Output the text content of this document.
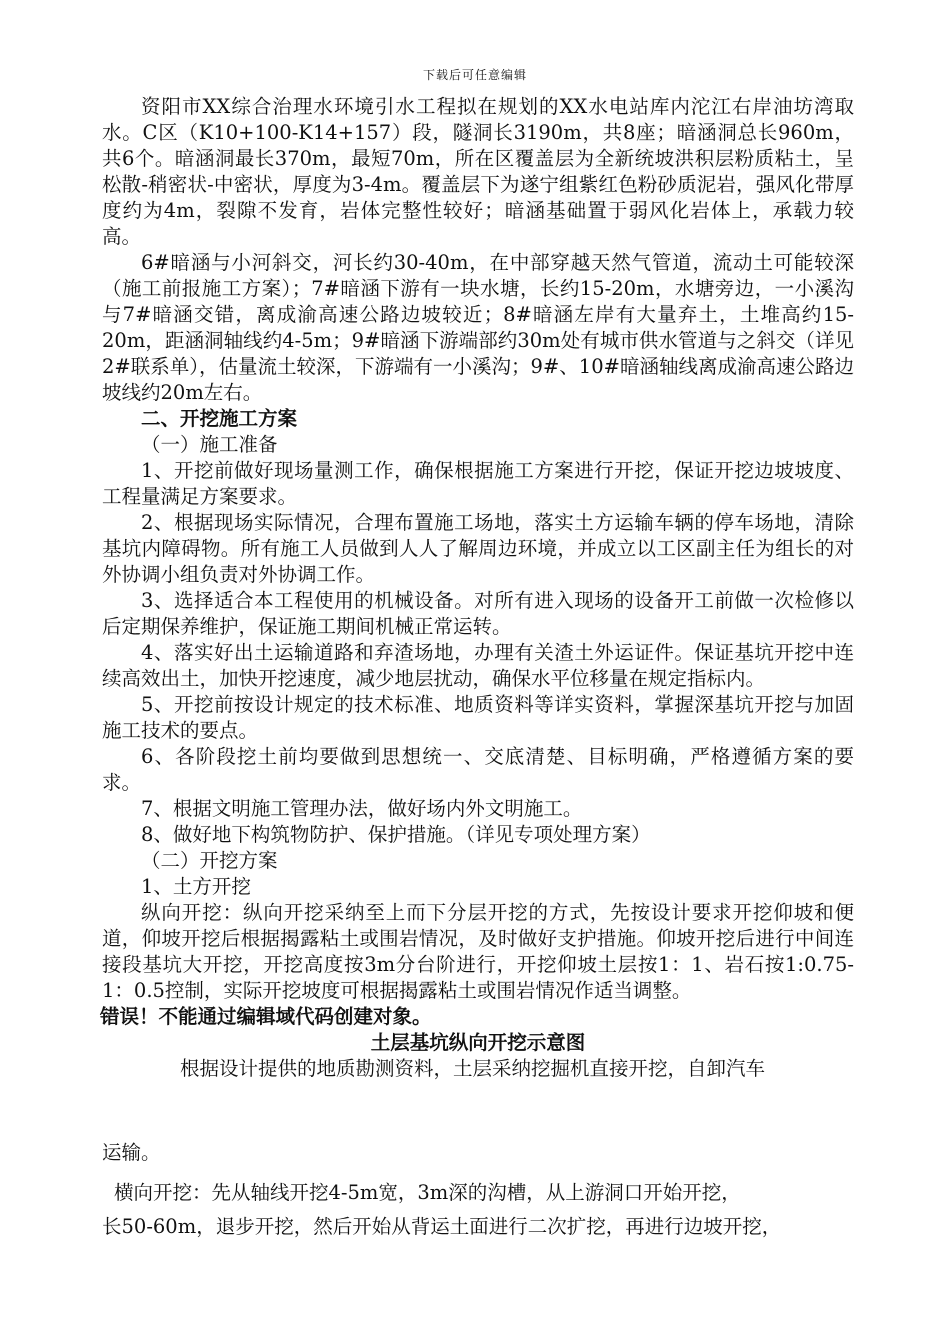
下载后可任意编辑

资阳市XX综合治理水环境引水工程拟在规划的XX水电站库内沱江右岸油坊湾取水。C区（K10+100-K14+157）段，隧洞长3190m，共8座；暗涵洞总长960m，共6个。暗涵洞最长370m，最短70m，所在区覆盖层为全新统坡洪积层粉质粘土，呈松散-稍密状-中密状，厚度为3-4m。覆盖层下为遂宁组紫红色粉砂质泥岩，强风化带厚度约为4m，裂隙不发育，岩体完整性较好；暗涵基础置于弱风化岩体上，承载力较高。

6#暗涵与小河斜交，河长约30-40m，在中部穿越天然气管道，流动土可能较深（施工前报施工方案）；7#暗涵下游有一块水塘，长约15-20m，水塘旁边，一小溪沟与7#暗涵交错，离成渝高速公路边坡较近；8#暗涵左岸有大量弃土，土堆高约15-20m，距涵洞轴线约4-5m；9#暗涵下游端部约30m处有城市供水管道与之斜交（详见2#联系单），估量流土较深，下游端有一小溪沟；9#、10#暗涵轴线离成渝高速公路边坡线约20m左右。

二、开挖施工方案

（一）施工准备

1、开挖前做好现场量测工作，确保根据施工方案进行开挖，保证开挖边坡坡度、工程量满足方案要求。

2、根据现场实际情况，合理布置施工场地，落实土方运输车辆的停车场地，清除基坑内障碍物。所有施工人员做到人人了解周边环境，并成立以工区副主任为组长的对外协调小组负责对外协调工作。

3、选择适合本工程使用的机械设备。对所有进入现场的设备开工前做一次检修以后定期保养维护，保证施工期间机械正常运转。

4、落实好出土运输道路和弃渣场地，办理有关渣土外运证件。保证基坑开挖中连续高效出土，加快开挖速度，减少地层扰动，确保水平位移量在规定指标内。

5、开挖前按设计规定的技术标准、地质资料等详实资料，掌握深基坑开挖与加固施工技术的要点。

6、各阶段挖土前均要做到思想统一、交底清楚、目标明确，严格遵循方案的要求。

7、根据文明施工管理办法，做好场内外文明施工。

8、做好地下构筑物防护、保护措施。（详见专项处理方案）

（二）开挖方案

1、土方开挖

纵向开挖：纵向开挖采纳至上而下分层开挖的方式，先按设计要求开挖仰坡和便道，仰坡开挖后根据揭露粘土或围岩情况，及时做好支护措施。仰坡开挖后进行中间连接段基坑大开挖，开挖高度按3m分台阶进行，开挖仰坡土层按1：1、岩石按1:0.75-1：0.5控制，实际开挖坡度可根据揭露粘土或围岩情况作适当调整。

错误！不能通过编辑域代码创建对象。

土层基坑纵向开挖示意图

根据设计提供的地质勘测资料，土层采纳挖掘机直接开挖，自卸汽车

运输。

横向开挖：先从轴线开挖4-5m宽，3m深的沟槽，从上游洞口开始开挖，

长50-60m，退步开挖，然后开始从背运土面进行二次扩挖，再进行边坡开挖，
